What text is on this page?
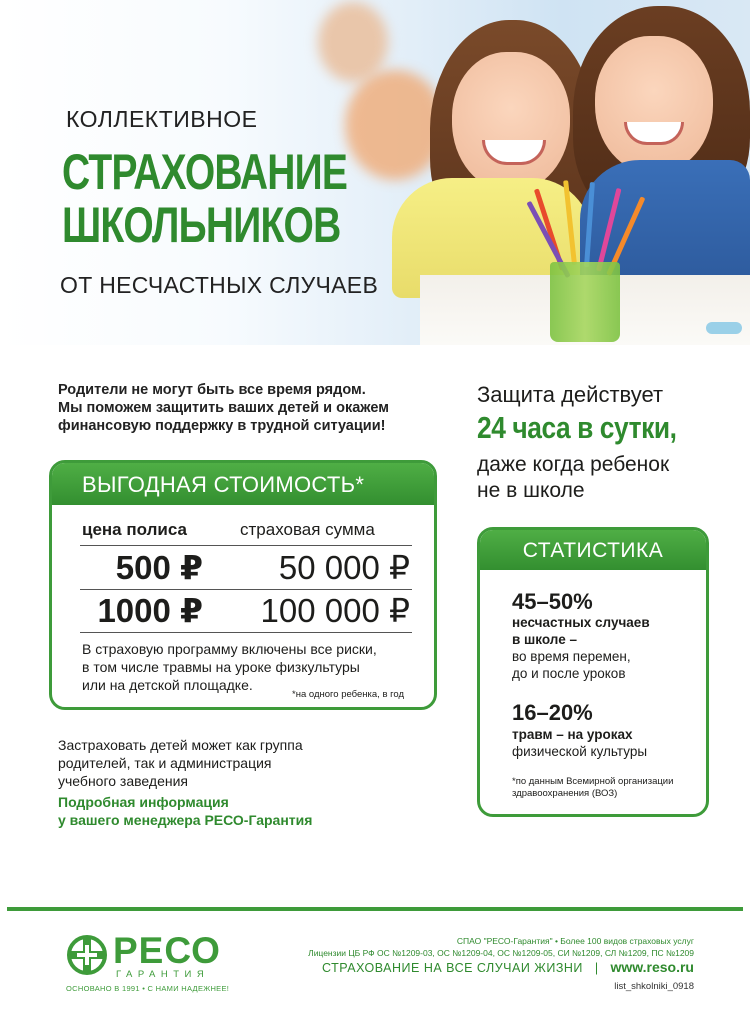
КОЛЛЕКТИВНОЕ
СТРАХОВАНИЕ
ШКОЛЬНИКОВ
ОТ НЕСЧАСТНЫХ СЛУЧАЕВ
Родители не могут быть все время рядом.
Мы поможем защитить ваших детей и окажем
финансовую поддержку в трудной ситуации!
ВЫГОДНАЯ СТОИМОСТЬ*
цена полиса	страховая сумма
500 ₽	50 000 ₽
1000 ₽	100 000 ₽
В страховую программу включены все риски,
в том числе травмы на уроке физкультуры
или на детской площадке.
*на одного ребенка, в год
Застраховать детей может как группа
родителей, так и администрация
учебного заведения
Подробная информация
у вашего менеджера РЕСО-Гарантия
Защита действует
24 часа в сутки,
даже когда ребенок
не в школе
СТАТИСТИКА
45–50%
несчастных случаев
в школе –
во время перемен,
до и после уроков
16–20%
травм – на уроках
физической культуры
*по данным Всемирной организации
здравоохранения (ВОЗ)
РЕСО
ГАРАНТИЯ
ОСНОВАНО В 1991 • С НАМИ НАДЕЖНЕЕ!
СПАО "РЕСО-Гарантия" • Более 100 видов страховых услуг
Лицензии ЦБ РФ ОС №1209-03, ОС №1209-04, ОС №1209-05, СИ №1209, СЛ №1209, ПС №1209
СТРАХОВАНИЕ НА ВСЕ СЛУЧАИ ЖИЗНИ | www.reso.ru
list_shkolniki_0918
